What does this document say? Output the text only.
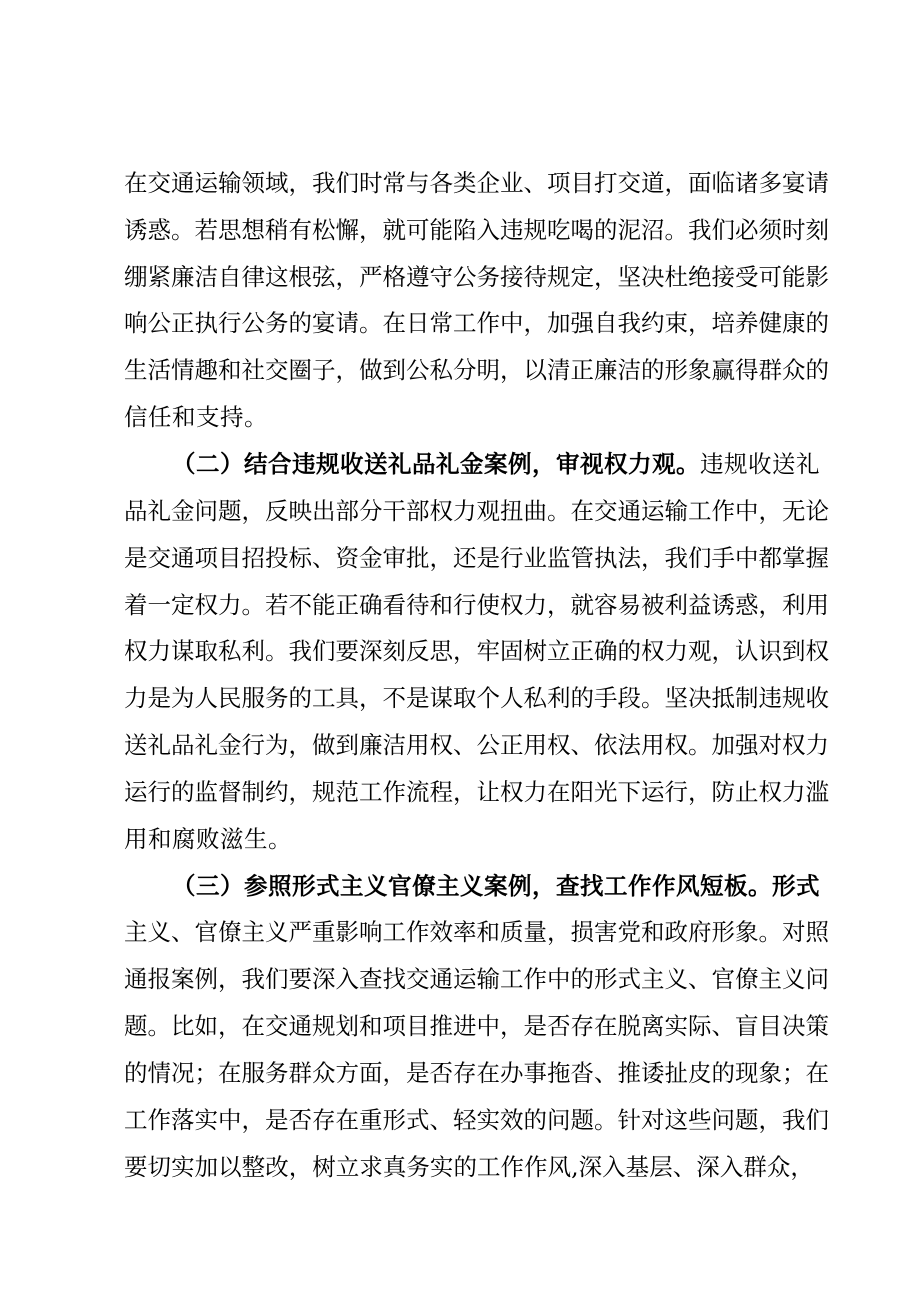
在 交 通 运 输 领 域 ， 我 们 时 常 与 各 类 企 业 、 项 目 打 交 道 ， 面 临 诸 多 宴 请
诱 惑 。 若 思 想 稍 有 松 懈 ， 就 可 能 陷 入 违 规 吃 喝 的 泥 沼 。 我 们 必 须 时 刻
绷 紧 廉 洁 自 律 这 根 弦 ， 严 格 遵 守 公 务 接 待 规 定 ， 坚 决 杜 绝 接 受 可 能 影
响 公 正 执 行 公 务 的 宴 请 。 在 日 常 工 作 中 ， 加 强 自 我 约 束 ， 培 养 健 康 的
生 活 情 趣 和 社 交 圈 子 ， 做 到 公 私 分 明 ， 以 清 正 廉 洁 的 形 象 赢 得 群 众 的
信任和支持。
（二）结合违规收送礼品礼金案例，审视权力观。 违规收送礼
品 礼 金 问 题 ， 反 映 出 部 分 干 部 权 力 观 扭 曲 。 在 交 通 运 输 工 作 中 ， 无 论
是 交 通 项 目 招 投 标 、 资 金 审 批 ， 还 是 行 业 监 管 执 法 ， 我 们 手 中 都 掌 握
着 一 定 权 力 。 若 不 能 正 确 看 待 和 行 使 权 力 ， 就 容 易 被 利 益 诱 惑 ， 利 用
权 力 谋 取 私 利 。 我 们 要 深 刻 反 思 ， 牢 固 树 立 正 确 的 权 力 观 ， 认 识 到 权
力 是 为 人 民 服 务 的 工 具 ， 不 是 谋 取 个 人 私 利 的 手 段 。 坚 决 抵 制 违 规 收
送 礼 品 礼 金 行 为 ， 做 到 廉 洁 用 权 、 公 正 用 权 、 依 法 用 权 。 加 强 对 权 力
运 行 的 监 督 制 约 ， 规 范 工 作 流 程 ， 让 权 力 在 阳 光 下 运 行 ， 防 止 权 力 滥
用和腐败滋生。
（三）参照形式主义官僚主义案例，查找工作作风短板。 形式
主 义 、 官 僚 主 义 严 重 影 响 工 作 效 率 和 质 量 ， 损 害 党 和 政 府 形 象 。 对 照
通 报 案 例 ， 我 们 要 深 入 查 找 交 通 运 输 工 作 中 的 形 式 主 义 、 官 僚 主 义 问
题 。 比 如 ， 在 交 通 规 划 和 项 目 推 进 中 ， 是 否 存 在 脱 离 实 际 、 盲 目 决 策
的 情 况 ； 在 服 务 群 众 方 面 ， 是 否 存 在 办 事 拖 沓 、 推 诿 扯 皮 的 现 象 ； 在
工 作 落 实 中 ， 是 否 存 在 重 形 式 、 轻 实 效 的 问 题 。 针 对 这 些 问 题 ， 我 们
要 切 实 加 以 整 改 ， 树 立 求 真 务 实 的 工 作 作 风 , 深 入 基 层 、 深 入 群 众 ，
